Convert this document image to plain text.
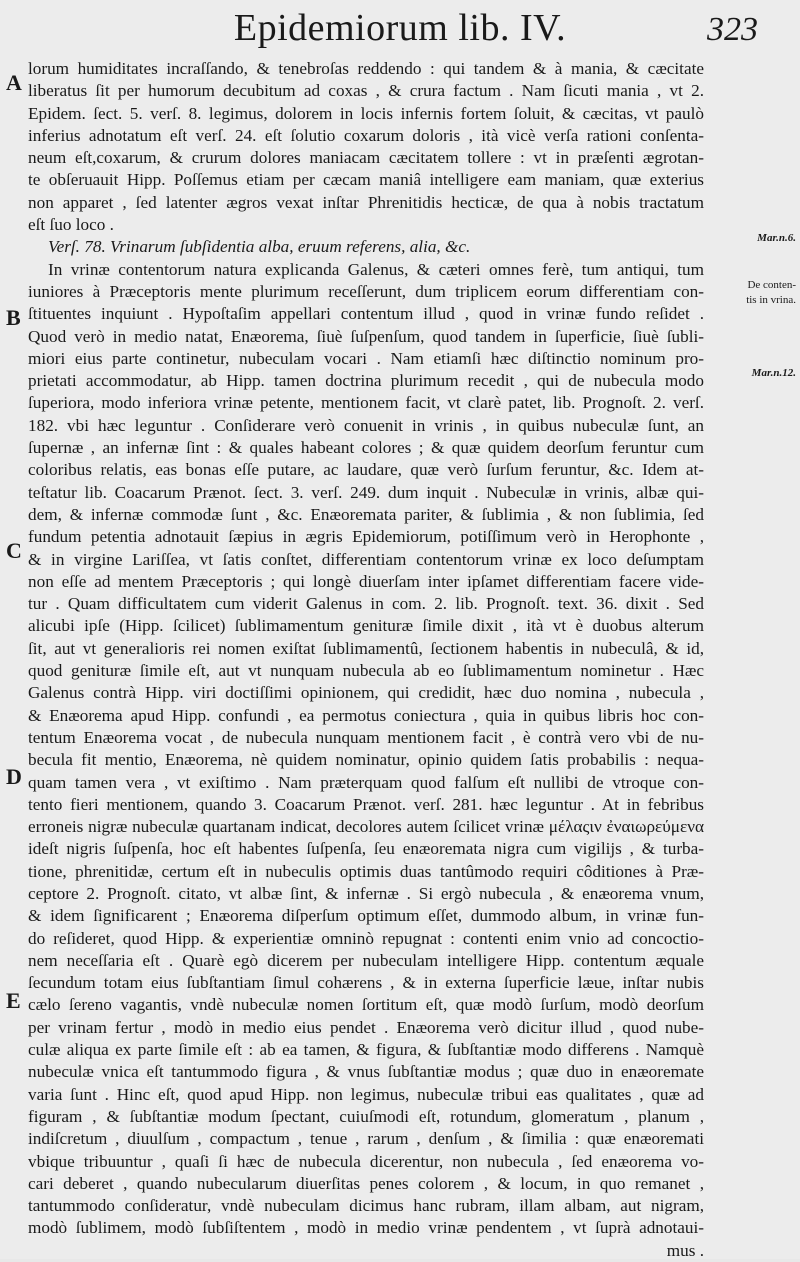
Epidemiorum lib. IV.	323
A
B
C
D
E
Mar.n.6.
De conten-
tis in vrina.
Mar.n.12.
lorum humiditates incraſſando, & tenebroſas reddendo : qui tandem & à mania, & cæcitate
liberatus ſit per humorum decubitum ad coxas , & crura factum . Nam ſicuti mania , vt 2.
Epidem. ſect. 5. verſ. 8. legimus, dolorem in locis infernis fortem ſoluit, & cæcitas, vt paulò
inferius adnotatum eſt verſ. 24. eſt ſolutio coxarum doloris , ità vicè verſa rationi conſenta-
neum eſt,coxarum, & crurum dolores maniacam cæcitatem tollere : vt in præſenti ægrotan-
te obſeruauit Hipp. Poſſemus etiam per cæcam maniâ intelligere eam maniam, quæ exterius
non apparet , ſed latenter ægros vexat inſtar Phrenitidis hecticæ, de qua à nobis tractatum
eſt ſuo loco .
Verſ. 78. Vrinarum ſubſidentia alba, eruum referens, alia, &c.
In vrinæ contentorum natura explicanda Galenus, & cæteri omnes ferè, tum antiqui, tum
iuniores à Præceptoris mente plurimum receſſerunt, dum triplicem eorum differentiam con-
ſtituentes inquiunt . Hypoſtaſim appellari contentum illud , quod in vrinæ fundo reſidet .
Quod verò in medio natat, Enæorema, ſiuè ſuſpenſum, quod tandem in ſuperficie, ſiuè ſubli-
miori eius parte continetur, nubeculam vocari . Nam etiamſi hæc diſtinctio nominum pro-
prietati accommodatur, ab Hipp. tamen doctrina plurimum recedit , qui de nubecula modo
ſuperiora, modo inferiora vrinæ petente, mentionem facit, vt clarè patet, lib. Prognoſt. 2. verſ.
182. vbi hæc leguntur . Conſiderare verò conuenit in vrinis , in quibus nubeculæ ſunt, an
ſupernæ , an infernæ ſint : & quales habeant colores ; & quæ quidem deorſum feruntur cum
coloribus relatis, eas bonas eſſe putare, ac laudare, quæ verò ſurſum feruntur, &c. Idem at-
teſtatur lib. Coacarum Prænot. ſect. 3. verſ. 249. dum inquit . Nubeculæ in vrinis, albæ qui-
dem, & infernæ commodæ ſunt , &c. Enæoremata pariter, & ſublimia , & non ſublimia, ſed
fundum petentia adnotauit ſæpius in ægris Epidemiorum, potiſſimum verò in Herophonte ,
& in virgine Lariſſea, vt ſatis conſtet, differentiam contentorum vrinæ ex loco deſumptam
non eſſe ad mentem Præceptoris ; qui longè diuerſam inter ipſamet differentiam facere vide-
tur . Quam difficultatem cum viderit Galenus in com. 2. lib. Prognoſt. text. 36. dixit . Sed
alicubi ipſe (Hipp. ſcilicet) ſublimamentum genituræ ſimile dixit , ità vt è duobus alterum
ſit, aut vt generalioris rei nomen exiſtat ſublimamentû, ſectionem habentis in nubeculâ, & id,
quod genituræ ſimile eſt, aut vt nunquam nubecula ab eo ſublimamentum nominetur . Hæc
Galenus contrà Hipp. viri doctiſſimi opinionem, qui credidit, hæc duo nomina , nubecula ,
& Enæorema apud Hipp. confundi , ea permotus coniectura , quia in quibus libris hoc con-
tentum Enæorema vocat , de nubecula nunquam mentionem facit , è contrà vero vbi de nu-
becula fit mentio, Enæorema, nè quidem nominatur, opinio quidem ſatis probabilis : nequa-
quam tamen vera , vt exiſtimo . Nam præterquam quod falſum eſt nullibi de vtroque con-
tento fieri mentionem, quando 3. Coacarum Prænot. verſ. 281. hæc leguntur . At in febribus
erroneis nigræ nubeculæ quartanam indicat, decolores autem ſcilicet vrinæ μέλαςιν ἐναιωρεύμενα
ideſt nigris ſuſpenſa, hoc eſt habentes ſuſpenſa, ſeu enæoremata nigra cum vigilijs , & turba-
tione, phrenitidæ, certum eſt in nubeculis optimis duas tantûmodo requiri côditiones à Præ-
ceptore 2. Prognoſt. citato, vt albæ ſint, & infernæ . Si ergò nubecula , & enæorema vnum,
& idem ſignificarent ; Enæorema diſperſum optimum eſſet, dummodo album, in vrinæ fun-
do reſideret, quod Hipp. & experientiæ omninò repugnat : contenti enim vnio ad concoctio-
nem neceſſaria eſt . Quarè egò dicerem per nubeculam intelligere Hipp. contentum æquale
ſecundum totam eius ſubſtantiam ſimul cohærens , & in externa ſuperficie læue, inſtar nubis
cælo ſereno vagantis, vndè nubeculæ nomen ſortitum eſt, quæ modò ſurſum, modò deorſum
per vrinam fertur , modò in medio eius pendet . Enæorema verò dicitur illud , quod nube-
culæ aliqua ex parte ſimile eſt : ab ea tamen, & figura, & ſubſtantiæ modo differens . Namquè
nubeculæ vnica eſt tantummodo figura , & vnus ſubſtantiæ modus ; quæ duo in enæoremate
varia ſunt . Hinc eſt, quod apud Hipp. non legimus, nubeculæ tribui eas qualitates , quæ ad
figuram , & ſubſtantiæ modum ſpectant, cuiuſmodi eſt, rotundum, glomeratum , planum ,
indiſcretum , diuulſum , compactum , tenue , rarum , denſum , & ſimilia : quæ enæoremati
vbique tribuuntur , quaſi ſi hæc de nubecula dicerentur, non nubecula , ſed enæorema vo-
cari deberet , quando nubecularum diuerſitas penes colorem , & locum, in quo remanet ,
tantummodo conſideratur, vndè nubeculam dicimus hanc rubram, illam albam, aut nigram,
modò ſublimem, modò ſubſiſtentem , modò in medio vrinæ pendentem , vt ſuprà adnotaui-
mus .
